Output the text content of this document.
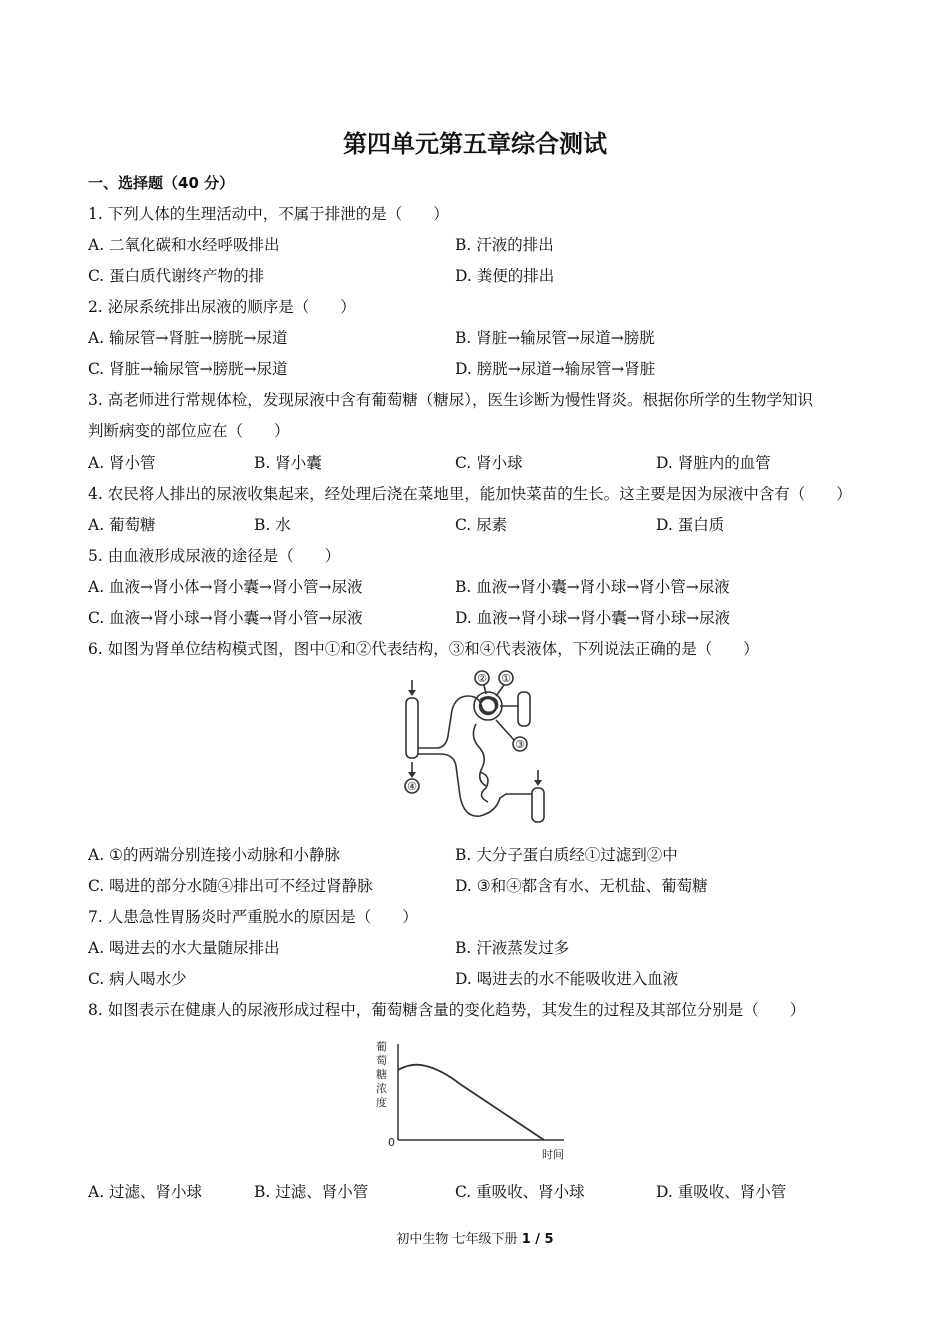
第四单元第五章综合测试
一、选择题（40 分）
1. 下列人体的生理活动中，不属于排泄的是（　　）
A. 二氧化碳和水经呼吸排出	B. 汗液的排出
C. 蛋白质代谢终产物的排	D. 粪便的排出
2. 泌尿系统排出尿液的顺序是（　　）
A. 输尿管→肾脏→膀胱→尿道	B. 肾脏→输尿管→尿道→膀胱
C. 肾脏→输尿管→膀胱→尿道	D. 膀胱→尿道→输尿管→肾脏
3. 高老师进行常规体检，发现尿液中含有葡萄糖（糖尿），医生诊断为慢性肾炎。根据你所学的生物学知识
判断病变的部位应在（　　）
A. 肾小管	B. 肾小囊	C. 肾小球	D. 肾脏内的血管
4. 农民将人排出的尿液收集起来，经处理后浇在菜地里，能加快菜苗的生长。这主要是因为尿液中含有（　　）
A. 葡萄糖	B. 水	C. 尿素	D. 蛋白质
5. 由血液形成尿液的途径是（　　）
A. 血液→肾小体→肾小囊→肾小管→尿液	B. 血液→肾小囊→肾小球→肾小管→尿液
C. 血液→肾小球→肾小囊→肾小管→尿液	D. 血液→肾小球→肾小囊→肾小球→尿液
6. 如图为肾单位结构模式图，图中①和②代表结构，③和④代表液体，下列说法正确的是（　　）
② ①
③
④
A. ①的两端分别连接小动脉和小静脉	B. 大分子蛋白质经①过滤到②中
C. 喝进的部分水随④排出可不经过肾静脉	D. ③和④都含有水、无机盐、葡萄糖
7. 人患急性胃肠炎时严重脱水的原因是（　　）
A. 喝进去的水大量随尿排出	B. 汗液蒸发过多
C. 病人喝水少	D. 喝进去的水不能吸收进入血液
8. 如图表示在健康人的尿液形成过程中，葡萄糖含量的变化趋势，其发生的过程及其部位分别是（　　）
葡
萄
糖
浓
度
0
时间
A. 过滤、肾小球	B. 过滤、肾小管	C. 重吸收、肾小球	D. 重吸收、肾小管
初中生物 七年级下册 1 / 5
